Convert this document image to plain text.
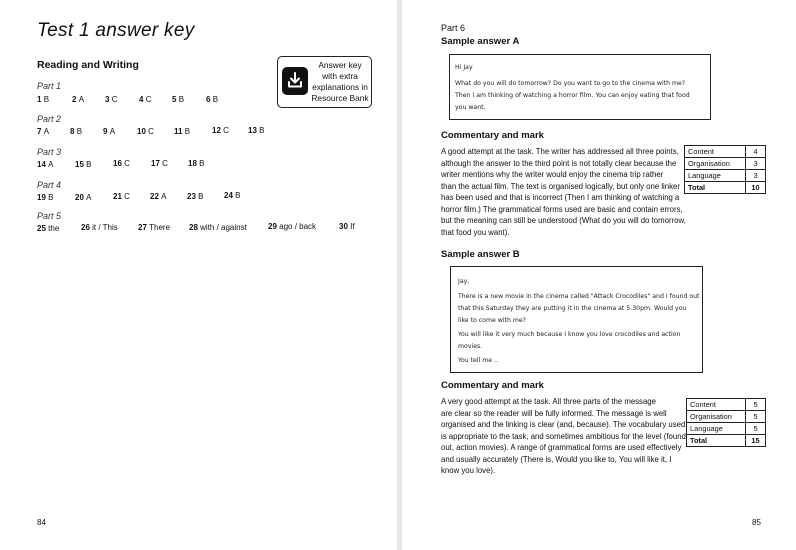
Test 1 answer key
Reading and Writing	Answer key with extra explanations in Resource Bank
Part 1
1 B	2 A	3 C	4 C	5 B	6 B
Part 2
7 A	8 B	9 A	10 C	11 B	12 C 13 B
Part 3
14 A	15 B	16 C	17 C	18 B
Part 4
19 B	20 A	21 C	22 A	23 B	24 B
Part 5
25 the	26 it / This	27 There 28 with / against	29 ago / back	30 If
84
Part 6
Sample answer A
Hi Jay
What do you will do tomorrow? Do you want to go to the cinema with me?
Then I am thinking of watching a horror film. You can enjoy eating that food
you want.
Commentary and mark
A good attempt at the task. The writer has addressed all three points,
although the answer to the third point is not totally clear because the
writer mentions why the writer would enjoy the cinema trip rather
than the actual film. The text is organised logically, but only one linker
has been used and that is incorrect (Then I am thinking of watching a
horror film.) The grammatical forms used are basic and contain errors,
but the meaning can still be understood (What do you will do tomorrow,
that food you want).
Content	4
Organisation	3
Language	3
Total	10
Sample answer B
Jay,
There is a new movie in the cinema called "Attack Crocodiles" and I found out
that this Saturday they are putting it in the cinema at 5.30pm. Would you
like to come with me?
You will like it very much because I know you love crocodiles and action
movies.
You tell me ..
Commentary and mark
A very good attempt at the task. All three parts of the message
are clear so the reader will be fully informed. The message is well
organised and the linking is clear (and, because). The vocabulary used
is appropriate to the task, and sometimes ambitious for the level (found
out, action movies). A range of grammatical forms are used effectively
and usually accurately (There is, Would you like to, You will like it, I
know you love).
Content	5
Organisation	5
Language	5
Total	15
85
